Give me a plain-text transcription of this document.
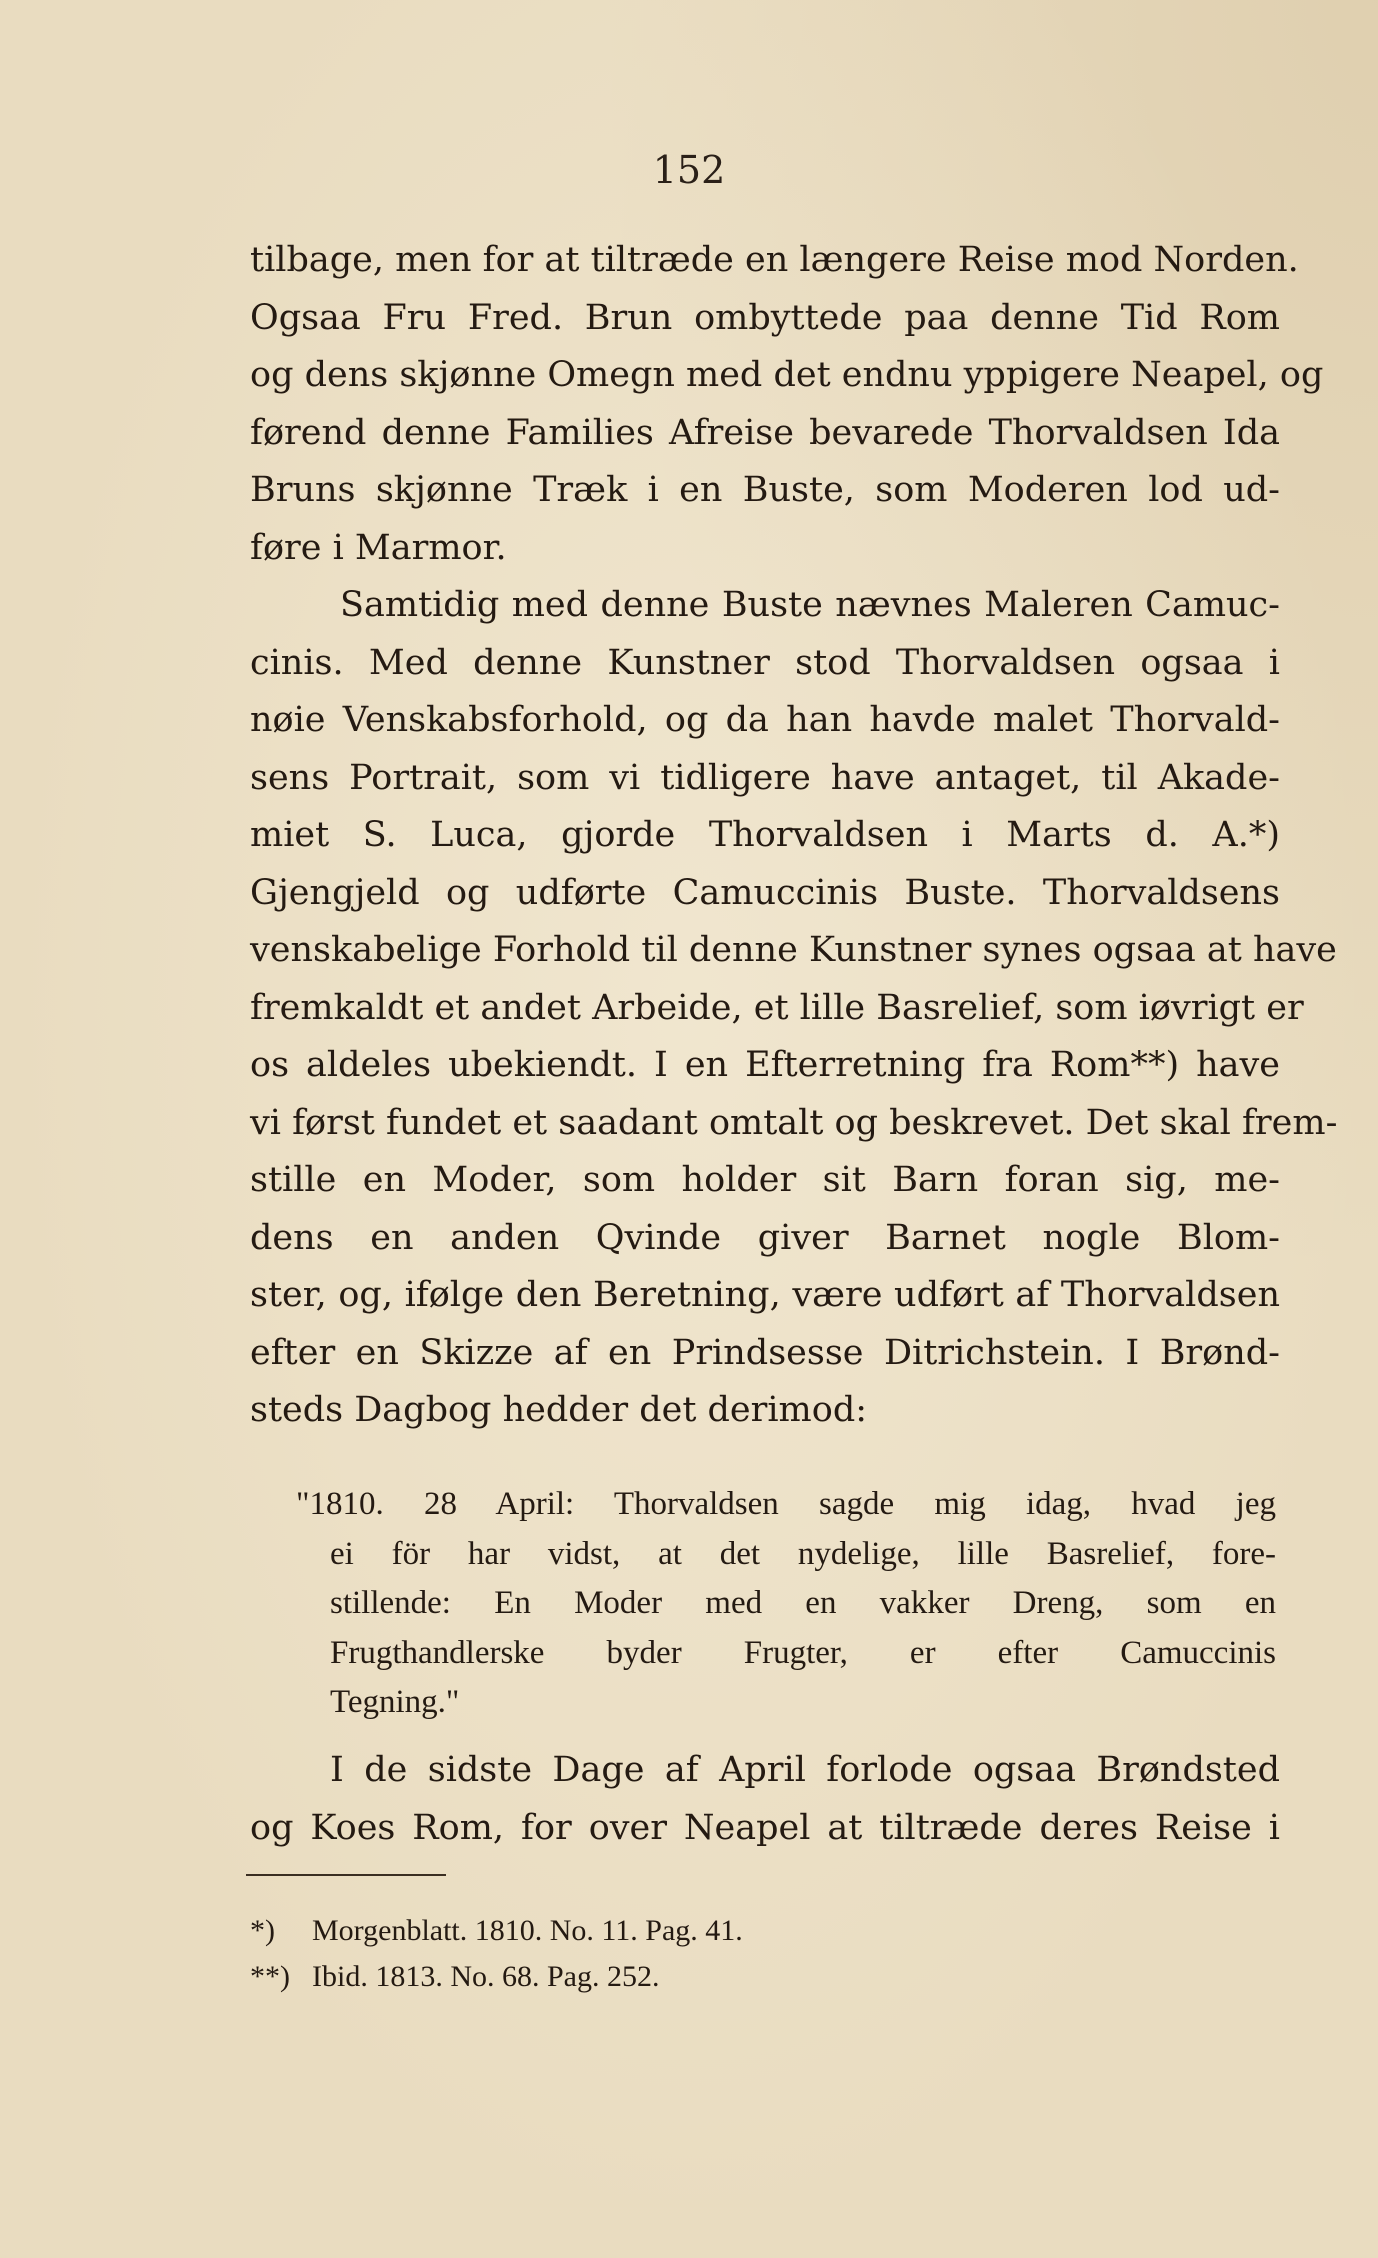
152
tilbage, men for at tiltræde en længere Reise mod Norden.
Ogsaa Fru Fred. Brun ombyttede paa denne Tid Rom
og dens skjønne Omegn med det endnu yppigere Neapel, og
førend denne Families Afreise bevarede Thorvaldsen Ida
Bruns skjønne Træk i en Buste, som Moderen lod ud-
føre i Marmor.
Samtidig med denne Buste nævnes Maleren Camuc-
cinis. Med denne Kunstner stod Thorvaldsen ogsaa i
nøie Venskabsforhold, og da han havde malet Thorvald-
sens Portrait, som vi tidligere have antaget, til Akade-
miet S. Luca, gjorde Thorvaldsen i Marts d. A.*)
Gjengjeld og udførte Camuccinis Buste. Thorvaldsens
venskabelige Forhold til denne Kunstner synes ogsaa at have
fremkaldt et andet Arbeide, et lille Basrelief, som iøvrigt er
os aldeles ubekiendt. I en Efterretning fra Rom**) have
vi først fundet et saadant omtalt og beskrevet. Det skal frem-
stille en Moder, som holder sit Barn foran sig, me-
dens en anden Qvinde giver Barnet nogle Blom-
ster, og, ifølge den Beretning, være udført af Thorvaldsen
efter en Skizze af en Prindsesse Ditrichstein. I Brønd-
steds Dagbog hedder det derimod:
"1810. 28 April: Thorvaldsen sagde mig idag, hvad jeg
ei för har vidst, at det nydelige, lille Basrelief, fore-
stillende: En Moder med en vakker Dreng, som en
Frugthandlerske byder Frugter, er efter Camuccinis
Tegning."
I de sidste Dage af April forlode ogsaa Brøndsted
og Koes Rom, for over Neapel at tiltræde deres Reise i
*) Morgenblatt. 1810. No. 11. Pag. 41.
**) Ibid. 1813. No. 68. Pag. 252.
